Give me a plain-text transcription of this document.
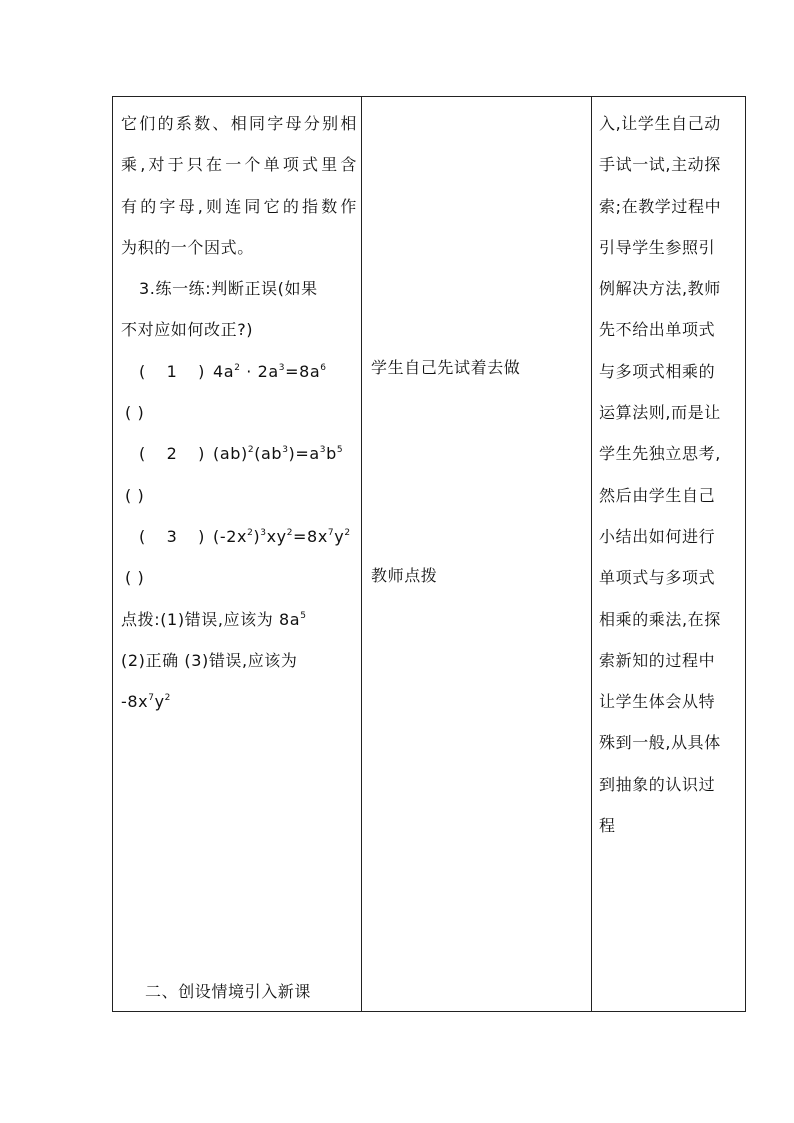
它们的系数、相同字母分别相
乘,对于只在一个单项式里含
有的字母,则连同它的指数作
为积的一个因式。
3.练一练:判断正误(如果
不对应如何改正?)
( 1 ) $4a^2 \cdot 2a^3=8a^6$
( )
( 2 ) $(ab)^2(ab^3)=a^3b^5$
( )
( 3 ) $(-2x^2)^3xy^2=8x^7y^2$
( )
点拨:(1)错误,应该为 $8a^5$
(2)正确 (3)错误,应该为
$-8x^7y^2$
二、创设情境引入新课
学生自己先试着去做
教师点拨
入,让学生自己动
手试一试,主动探
索;在教学过程中
引导学生参照引
例解决方法,教师
先不给出单项式
与多项式相乘的
运算法则,而是让
学生先独立思考,
然后由学生自己
小结出如何进行
单项式与多项式
相乘的乘法,在探
索新知的过程中
让学生体会从特
殊到一般,从具体
到抽象的认识过
程
